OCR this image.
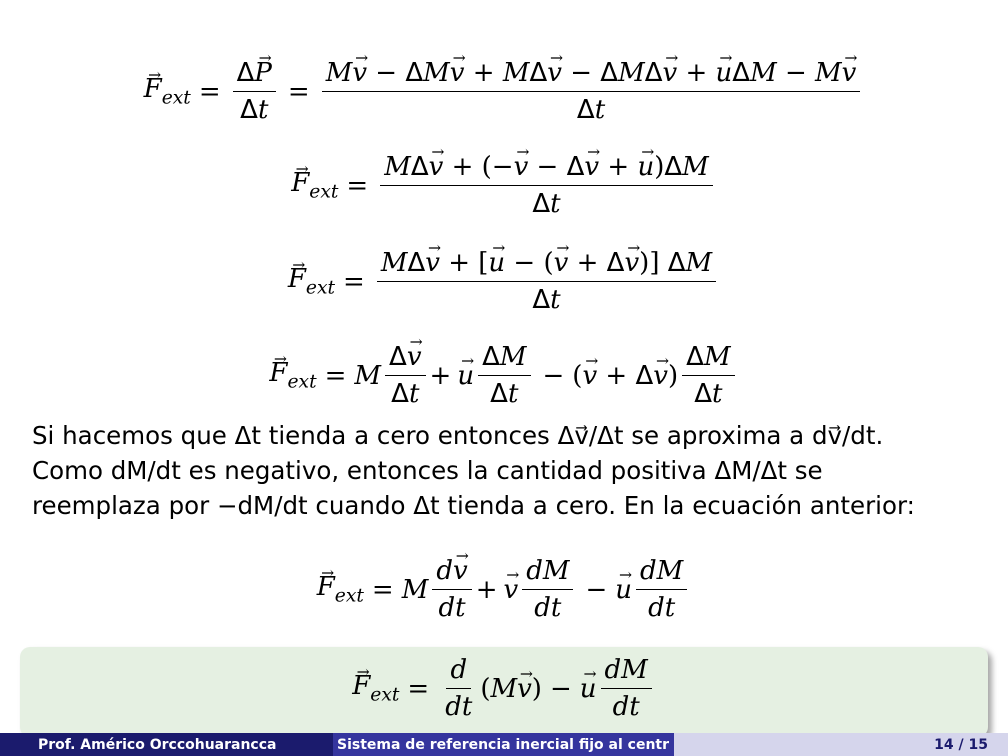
$F \to_{ext} = \frac{\Delta P \to}{\Delta t} = \frac{\text{Mv → − ΔMv → + MΔv → − ΔMΔv → + u →ΔM − Mv →}}{\Delta t}$
$F \to_{ext} = \frac{\text{MΔv → + (−v → − Δv → + u →)ΔM}}{\Delta t}$
$F \to_{ext} = \frac{\text{MΔv → + [u → − (v → + Δv →)] ΔM}}{\Delta t}$
$F \to_{ext} = M \frac{\Delta v \to}{\Delta t} + u \to \frac{\Delta M}{\Delta t} - (v$ → + Δv →) $\frac{\Delta M}{\Delta t}$
$F \to_{ext} = M \frac{dv \to}{dt} + v \to \frac{dM}{dt} - u \to \frac{dM}{dt}$
Si hacemos que Δt tienda a cero entonces Δv⃗/Δt se aproxima a dv⃗/dt.
Como dM/dt es negativo, entonces la cantidad positiva ΔM/Δt se
reemplaza por −dM/dt cuando Δt tienda a cero. En la ecuación anterior:
$F \to_{ext} = \frac{d}{dt} (Mv$ →) − $u \to \frac{dM}{dt}$
Prof. Américo Orccohuarancca	Sistema de referencia inercial fijo al centr	14 / 15
